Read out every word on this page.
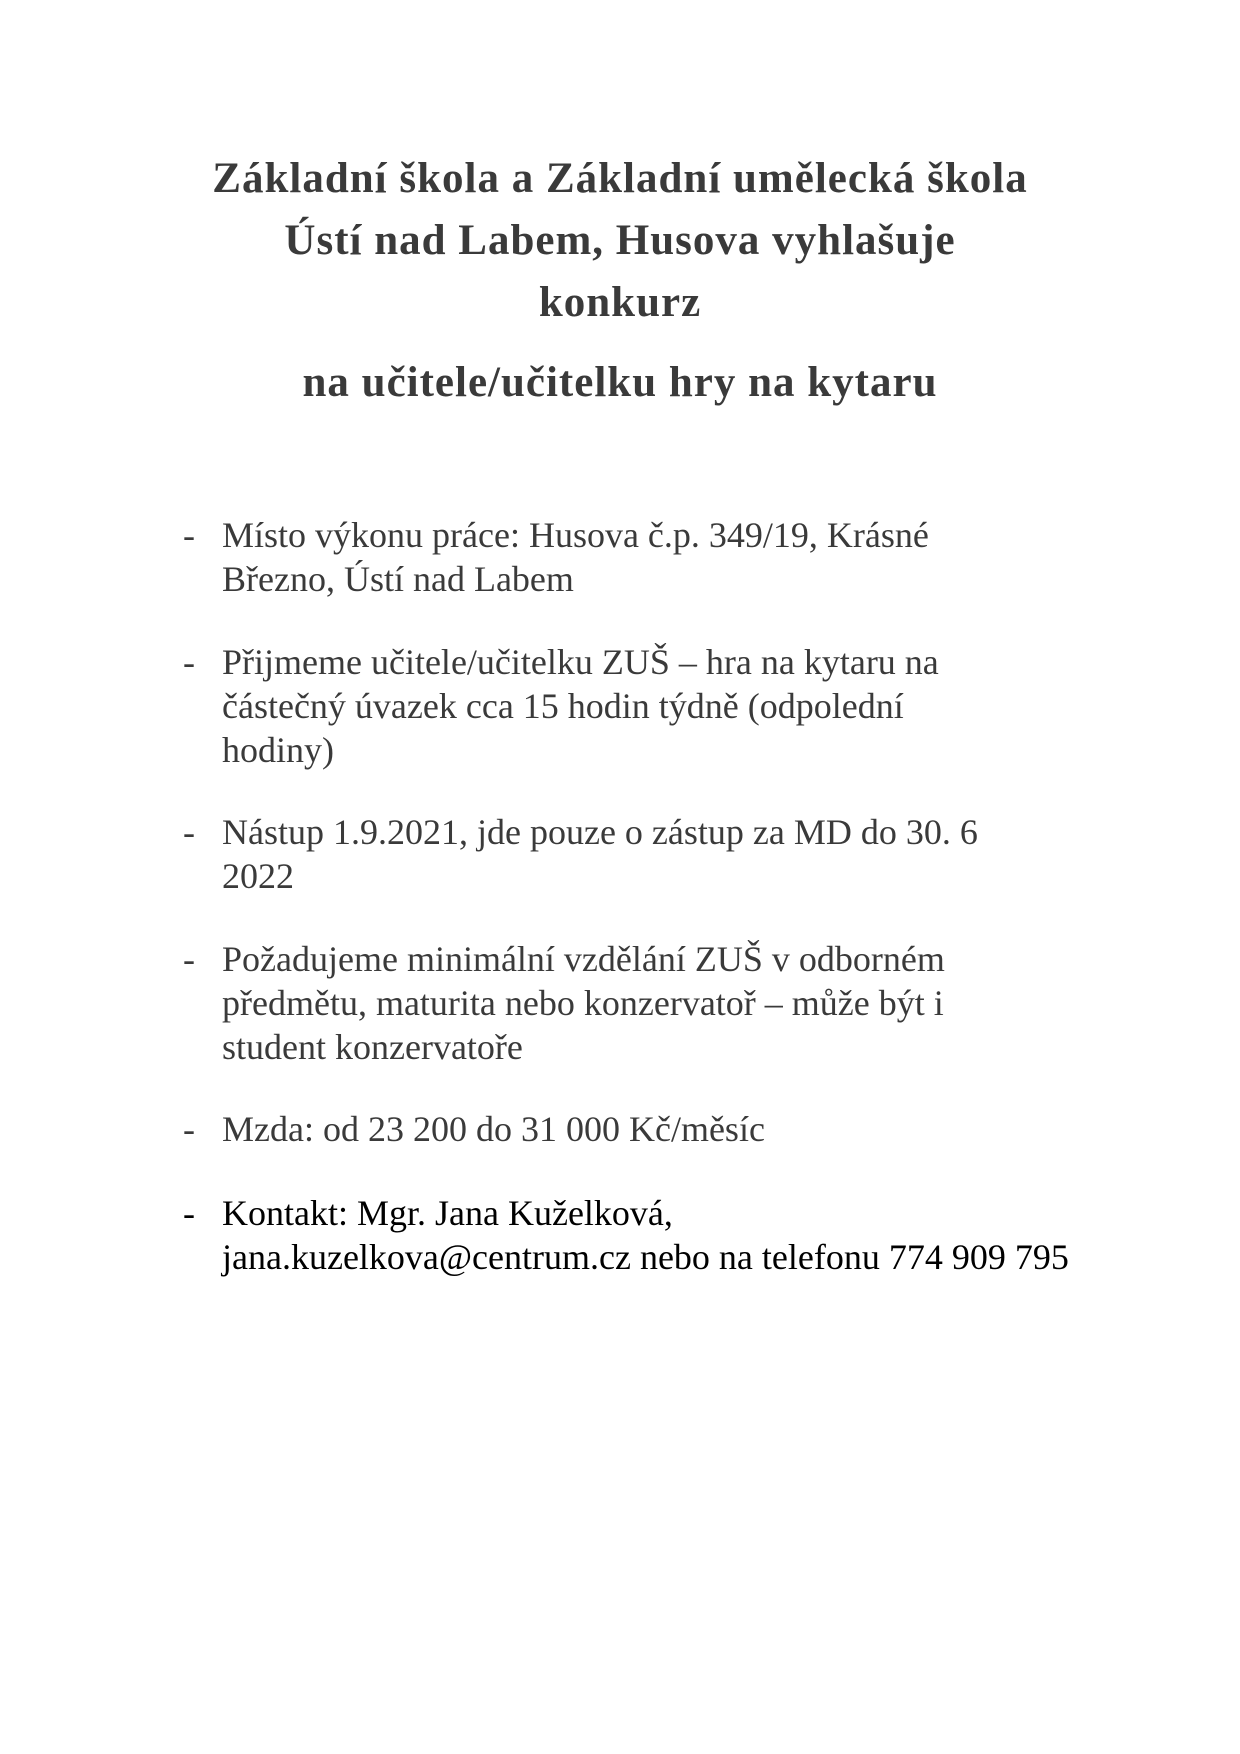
Základní škola a Základní umělecká škola
Ústí nad Labem, Husova vyhlašuje
konkurz
na učitele/učitelku hry na kytaru
- Místo výkonu práce: Husova č.p. 349/19, Krásné
Březno, Ústí nad Labem
- Přijmeme učitele/učitelku ZUŠ – hra na kytaru na
částečný úvazek cca 15 hodin týdně (odpolední
hodiny)
- Nástup 1.9.2021, jde pouze o zástup za MD do 30. 6
2022
- Požadujeme minimální vzdělání ZUŠ v odborném
předmětu, maturita nebo konzervatoř – může být i
student konzervatoře
- Mzda: od 23 200 do 31 000 Kč/měsíc
- Kontakt: Mgr. Jana Kuželková,
jana.kuzelkova@centrum.cz nebo na telefonu 774 909 795
